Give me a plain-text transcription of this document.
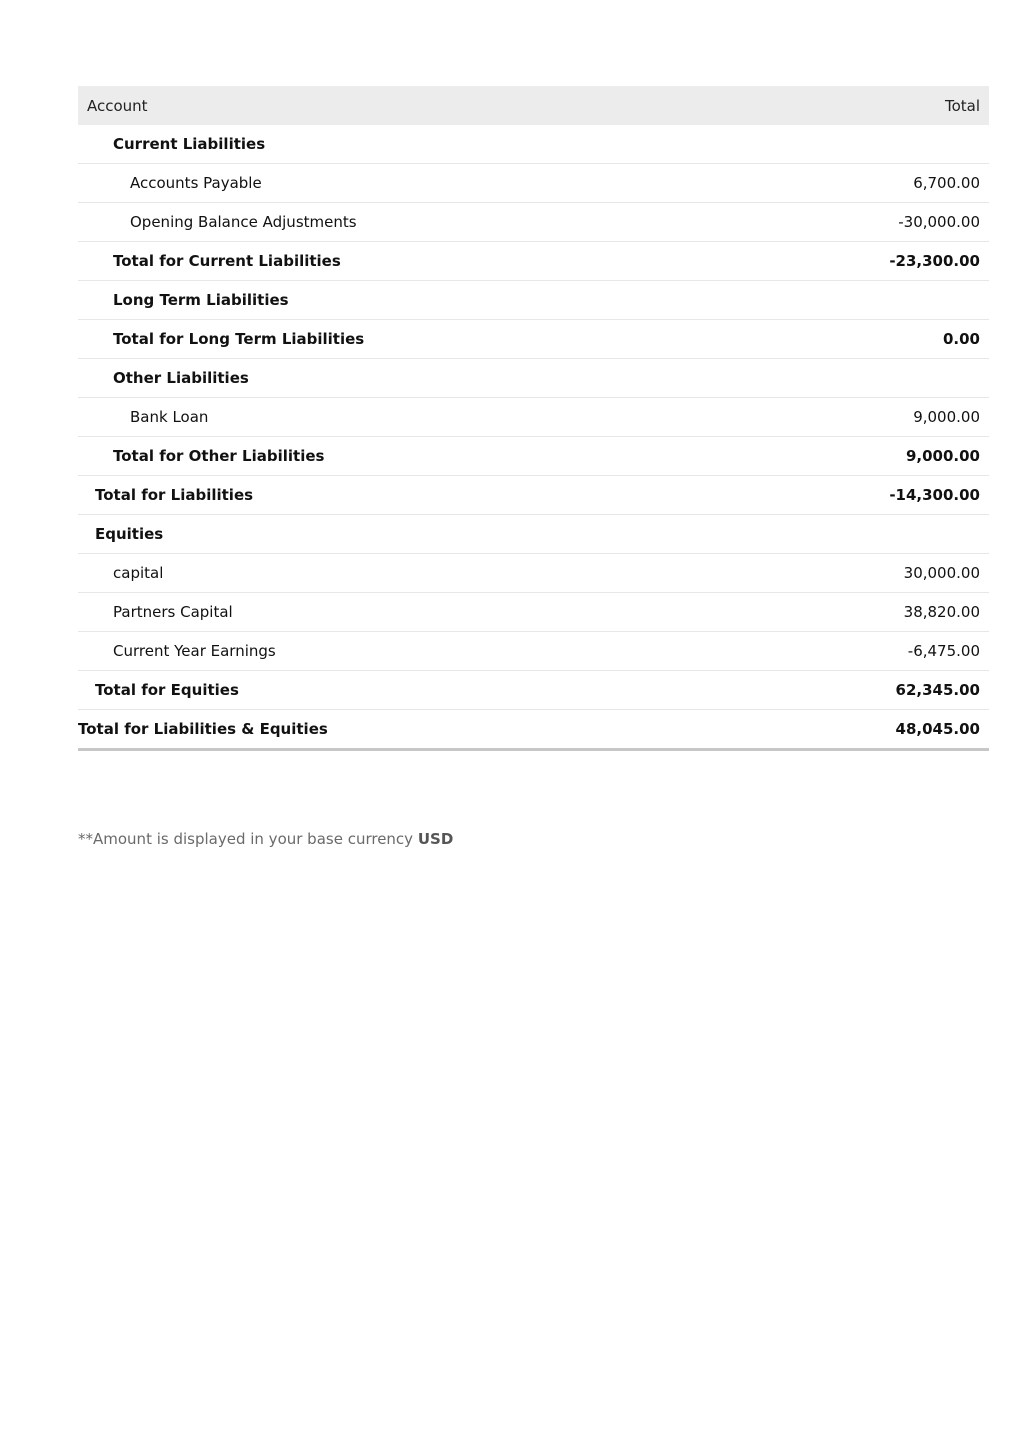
Account	Total
Current Liabilities
Accounts Payable	6,700.00
Opening Balance Adjustments	-30,000.00
Total for Current Liabilities	-23,300.00
Long Term Liabilities
Total for Long Term Liabilities	0.00
Other Liabilities
Bank Loan	9,000.00
Total for Other Liabilities	9,000.00
Total for Liabilities	-14,300.00
Equities
capital	30,000.00
Partners Capital	38,820.00
Current Year Earnings	-6,475.00
Total for Equities	62,345.00
Total for Liabilities & Equities	48,045.00
**Amount is displayed in your base currency USD
